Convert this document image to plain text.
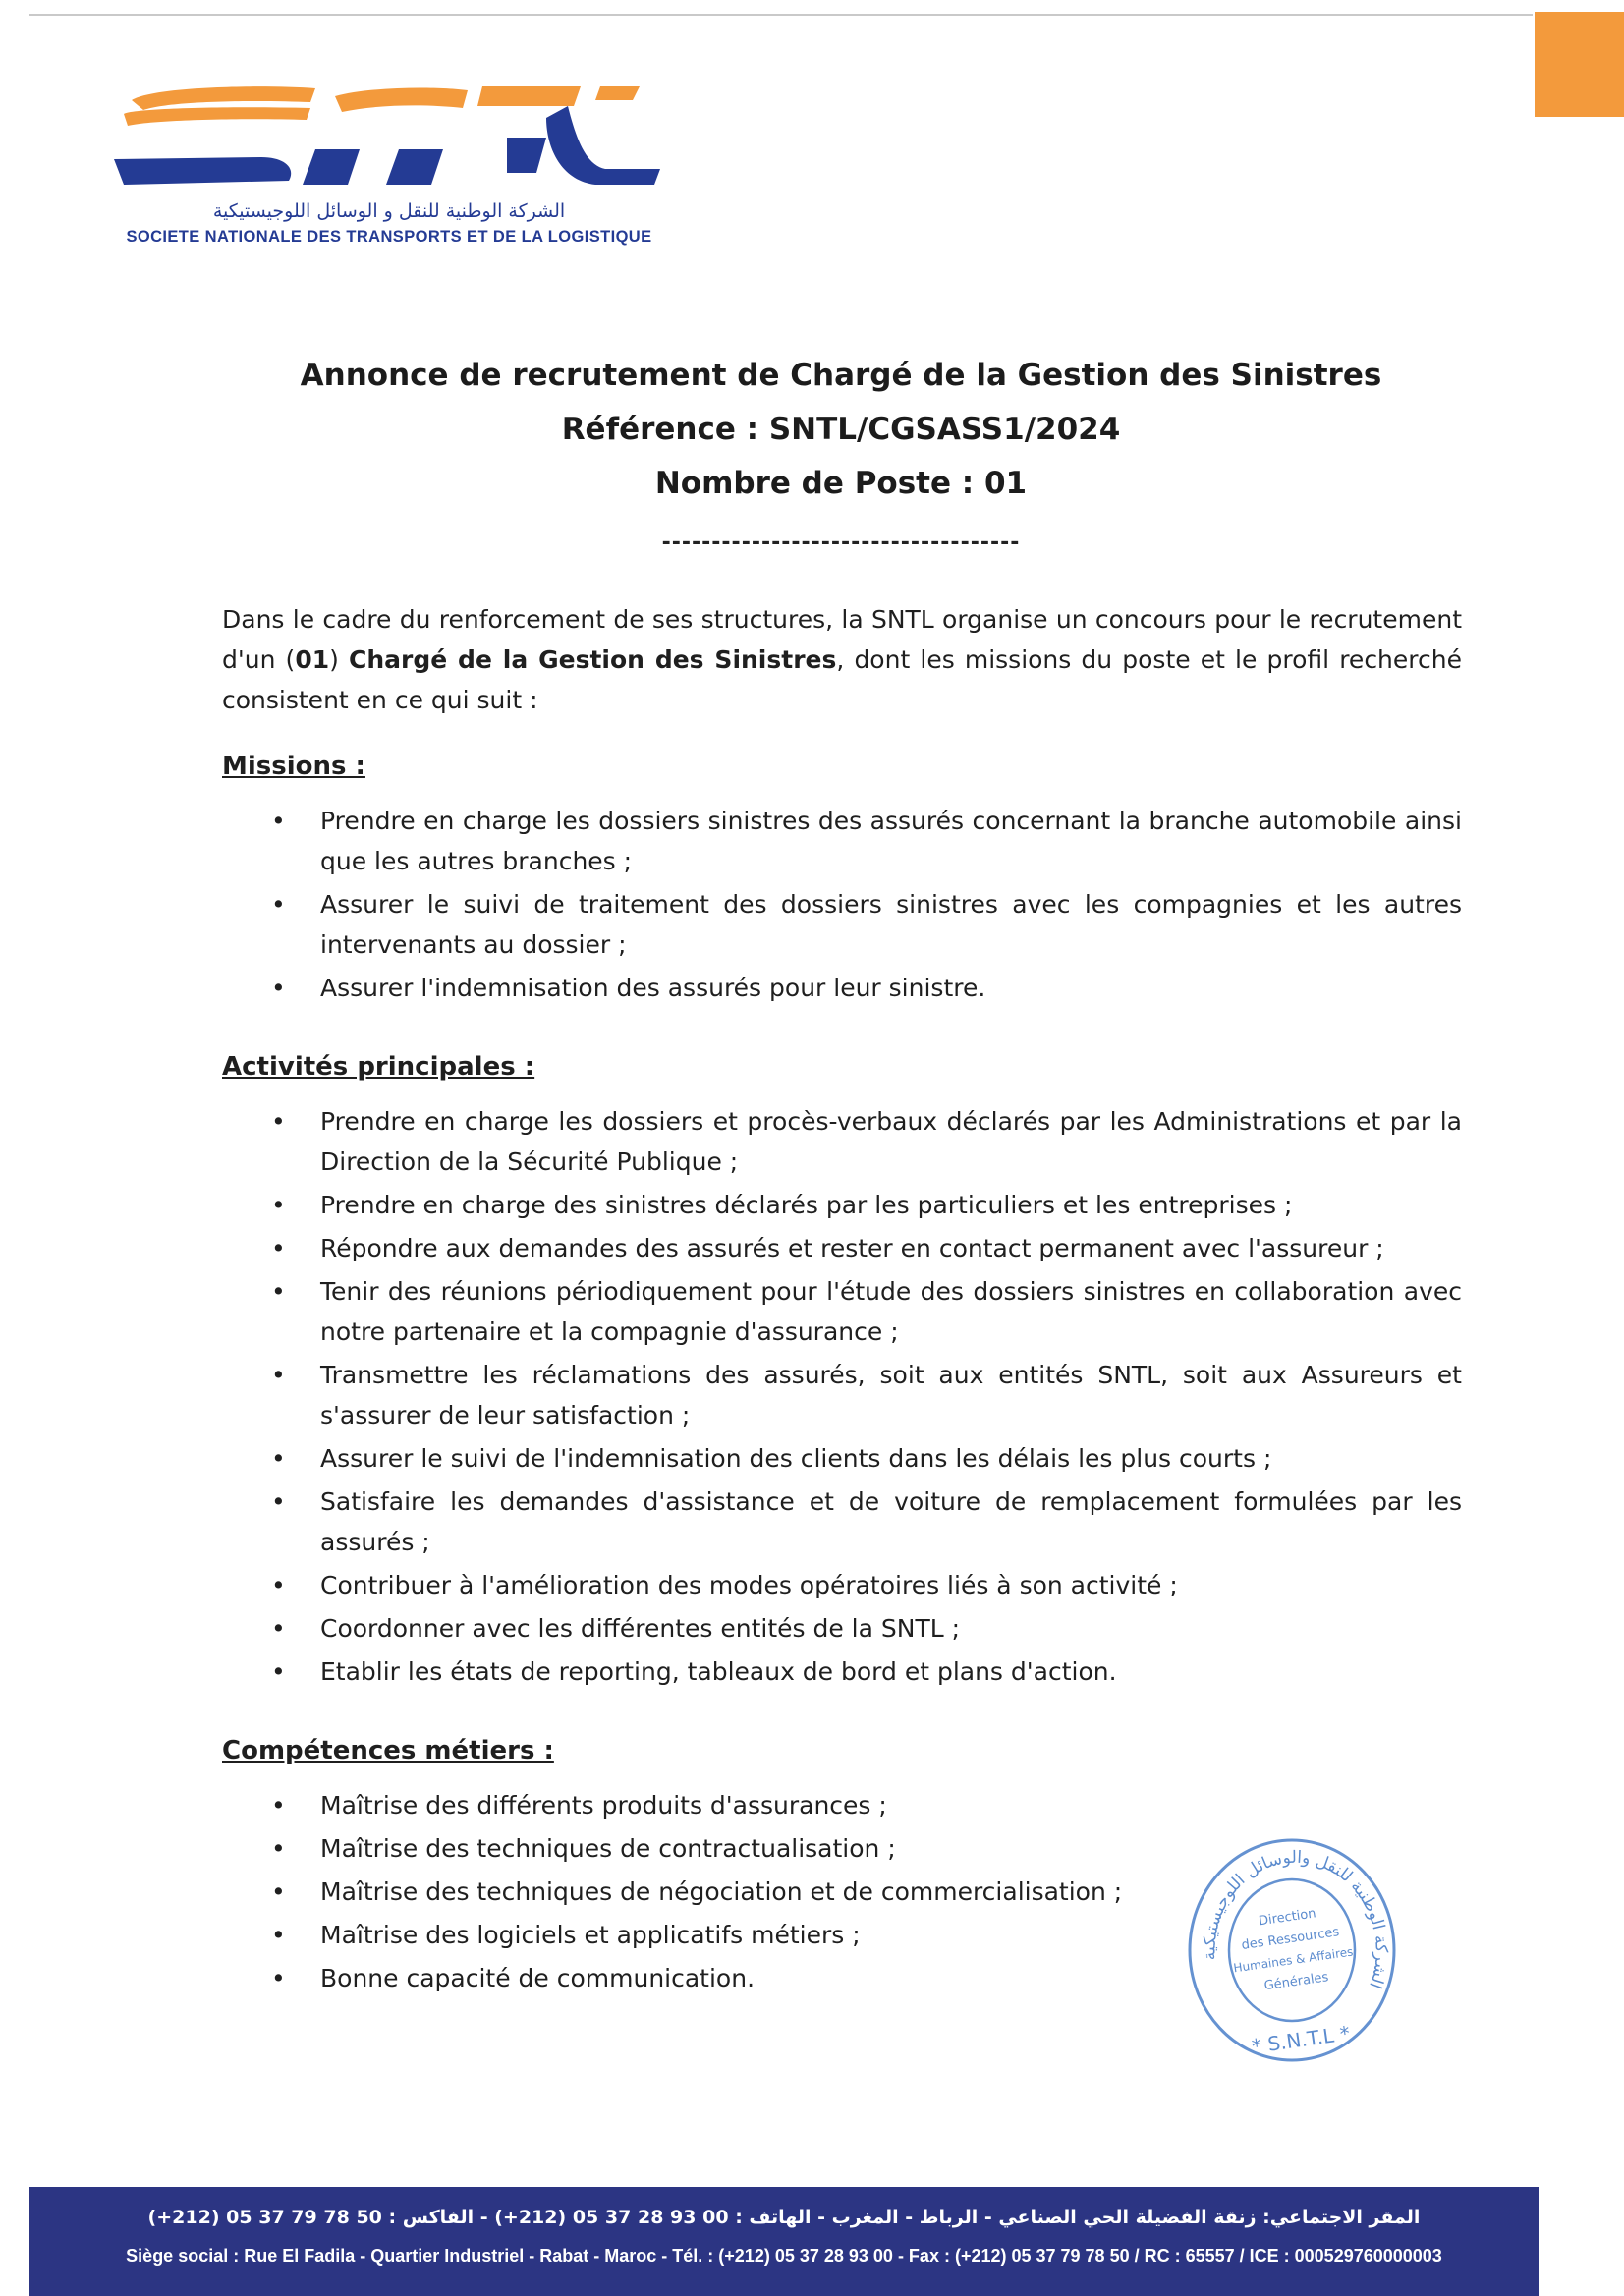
الشركة الوطنية للنقل و الوسائل اللوجيستيكية
SOCIETE NATIONALE DES TRANSPORTS ET DE LA LOGISTIQUE
Annonce de recrutement de Chargé de la Gestion des Sinistres
Référence : SNTL/CGSASS1/2024
Nombre de Poste : 01
------------------------------------

Dans le cadre du renforcement de ses structures, la SNTL organise un concours pour le recrutement d'un (01) Chargé de la Gestion des Sinistres, dont les missions du poste et le profil recherché consistent en ce qui suit :

Missions :
• Prendre en charge les dossiers sinistres des assurés concernant la branche automobile ainsi que les autres branches ;
• Assurer le suivi de traitement des dossiers sinistres avec les compagnies et les autres intervenants au dossier ;
• Assurer l'indemnisation des assurés pour leur sinistre.
Activités principales :
• Prendre en charge les dossiers et procès-verbaux déclarés par les Administrations et par la Direction de la Sécurité Publique ;
• Prendre en charge des sinistres déclarés par les particuliers et les entreprises ;
• Répondre aux demandes des assurés et rester en contact permanent avec l'assureur ;
• Tenir des réunions périodiquement pour l'étude des dossiers sinistres en collaboration avec notre partenaire et la compagnie d'assurance ;
• Transmettre les réclamations des assurés, soit aux entités SNTL, soit aux Assureurs et s'assurer de leur satisfaction ;
• Assurer le suivi de l'indemnisation des clients dans les délais les plus courts ;
• Satisfaire les demandes d'assistance et de voiture de remplacement formulées par les assurés ;
• Contribuer à l'amélioration des modes opératoires liés à son activité ;
• Coordonner avec les différentes entités de la SNTL ;
• Etablir les états de reporting, tableaux de bord et plans d'action.
Compétences métiers :
• Maîtrise des différents produits d'assurances ;
• Maîtrise des techniques de contractualisation ;
• Maîtrise des techniques de négociation et de commercialisation ;
• Maîtrise des logiciels et applicatifs métiers ;
• Bonne capacité de communication.
الشركة الوطنية للنقل والوسائل اللوجيستيكية
Direction
des Ressources
Humaines & Affaires
Générales
* S.N.T.L *
المقر الاجتماعي: زنقة الفضيلة الحي الصناعي - الرباط - المغرب - الهاتف : 00 93 28 37 05 (212+) - الفاكس : 50 78 79 37 05 (212+)
Siège social : Rue El Fadila - Quartier Industriel - Rabat - Maroc - Tél. : (+212) 05 37 28 93 00 - Fax : (+212) 05 37 79 78 50 / RC : 65557 / ICE : 000529760000003
